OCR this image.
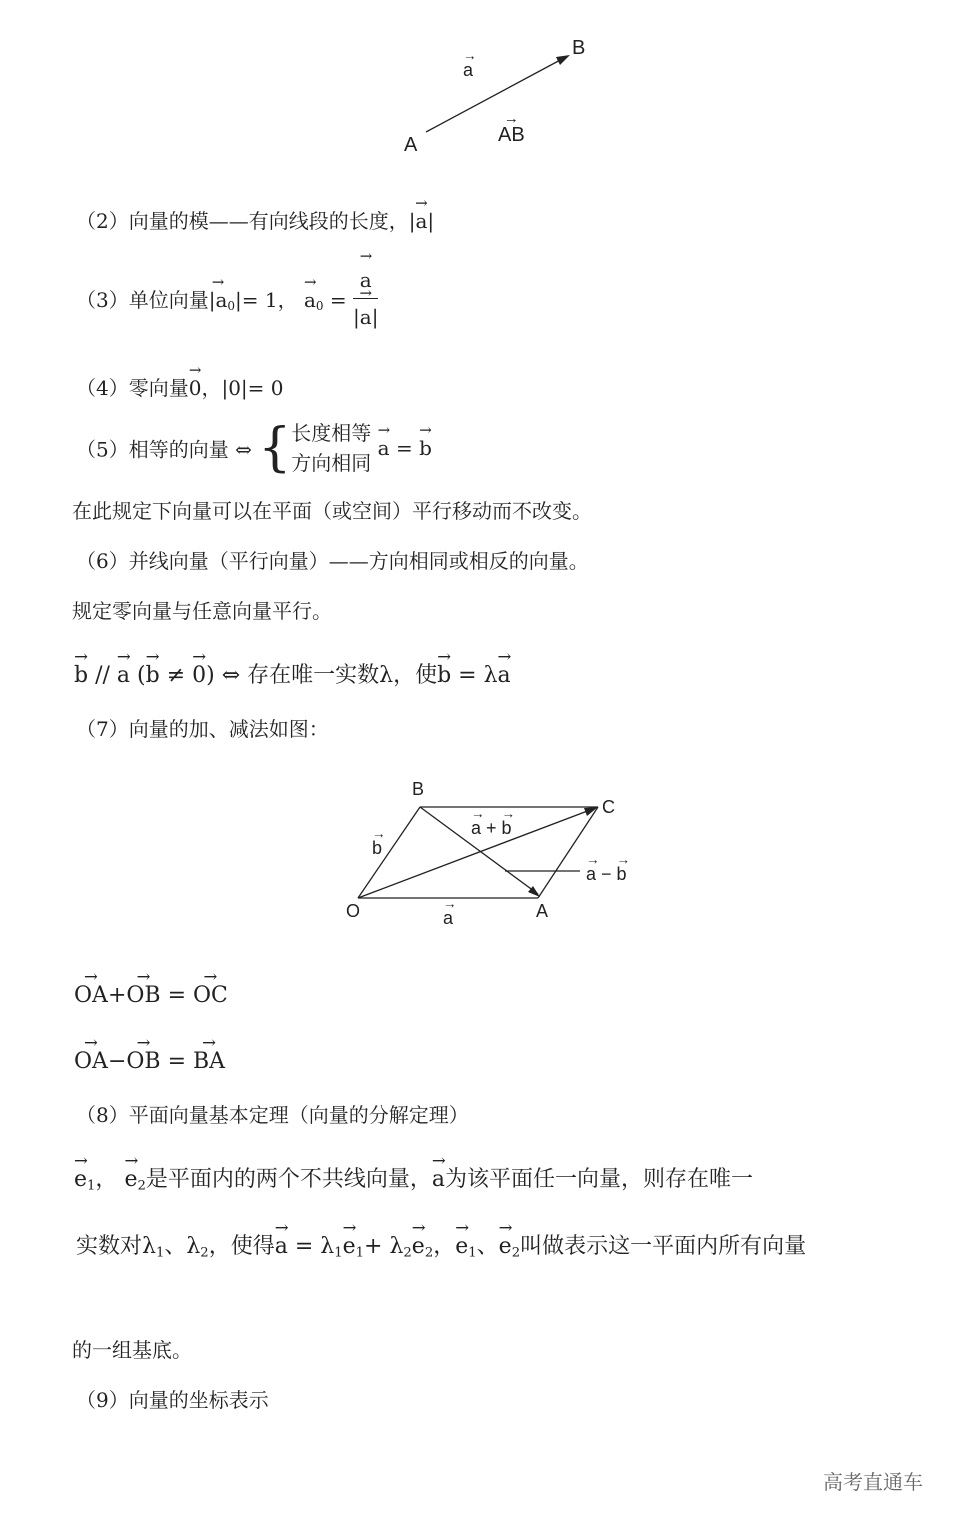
→ a
B
A	→ AB
（2）向量的模——有向线段的长度，→ |a|
（3）单位向量→ $|a_0|= 1$， → $a_0$ = → a
→ |a|
（4）零向量→ 0，|0|= 0
（5）相等的向量 ⇔ { 长度相等
方向相同
→ a = → b
在此规定下向量可以在平面（或空间）平行移动而不改变。
（6）并线向量（平行向量）——方向相同或相反的向量。
规定零向量与任意向量平行。
→ b // → a (→ b ≠ → 0) ⇔ 存在唯一实数λ，使→ b = λ→ a
（7）向量的加、减法如图：
B
C
O	A
→ b
→ a
→ a + → b
→ a − → b
→ OA+→ OB = → OC
→ OA−→ OB = → BA
（8）平面向量基本定理（向量的分解定理）
→ $e_1$， → $e_2$是平面内的两个不共线向量，→ a为该平面任一向量，则存在唯一
实数对$\lambda_1$、$\lambda_2$，使得→ $a = \lambda_1\to e_1+ \lambda_2\to e_2$，→ $e_1$、→ $e_2$叫做表示这一平面内所有向量
的一组基底。
（9）向量的坐标表示
高考直通车
